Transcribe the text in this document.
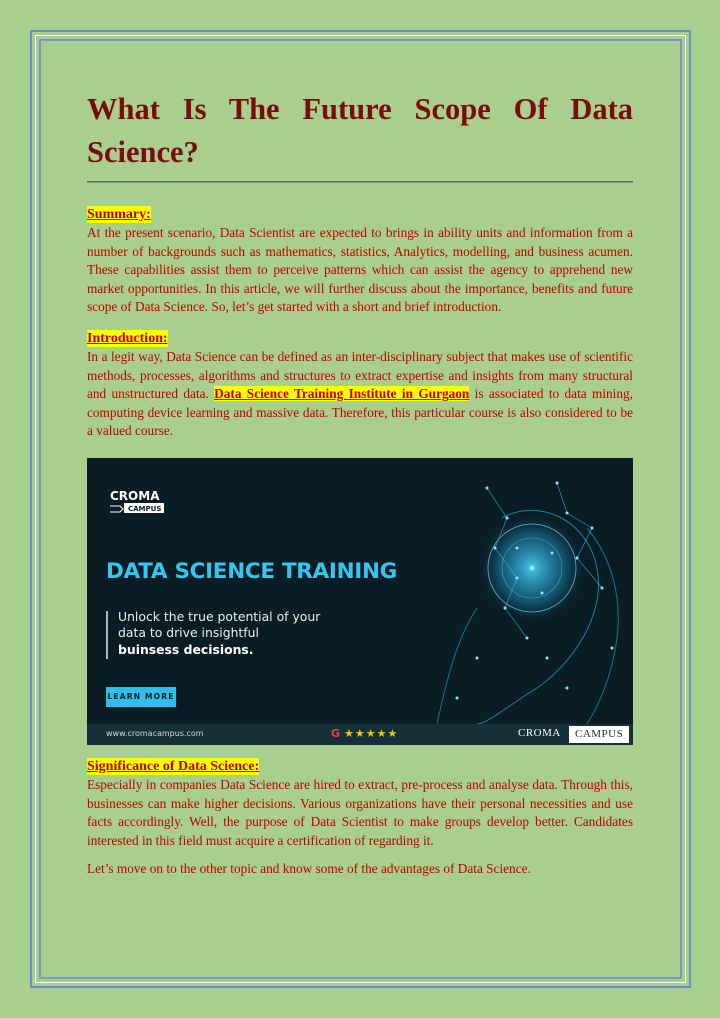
What Is The Future Scope Of Data Science?
Summary:

At the present scenario, Data Scientist are expected to brings in ability units and information from a number of backgrounds such as mathematics, statistics, Analytics, modelling, and business acumen. These capabilities assist them to perceive patterns which can assist the agency to apprehend new market opportunities. In this article, we will further discuss about the importance, benefits and future scope of Data Science. So, let’s get started with a short and brief introduction.

Introduction:

In a legit way, Data Science can be defined as an inter-disciplinary subject that makes use of scientific methods, processes, algorithms and structures to extract expertise and insights from many structural and unstructured data. Data Science Training Institute in Gurgaon is associated to data mining, computing device learning and massive data. Therefore, this particular course is also considered to be a valued course.

CROMA
CAMPUS
DATA SCIENCE TRAINING
Unlock the true potential of your
data to drive insightful
buinsess decisions.
LEARN MORE
www.cromacampus.com	G ★★★★★	CROMA	CAMPUS
Significance of Data Science:

Especially in companies Data Science are hired to extract, pre-process and analyse data. Through this, businesses can make higher decisions. Various organizations have their personal necessities and use facts accordingly. Well, the purpose of Data Scientist to make groups develop better. Candidates interested in this field must acquire a certification of regarding it.

Let’s move on to the other topic and know some of the advantages of Data Science.
